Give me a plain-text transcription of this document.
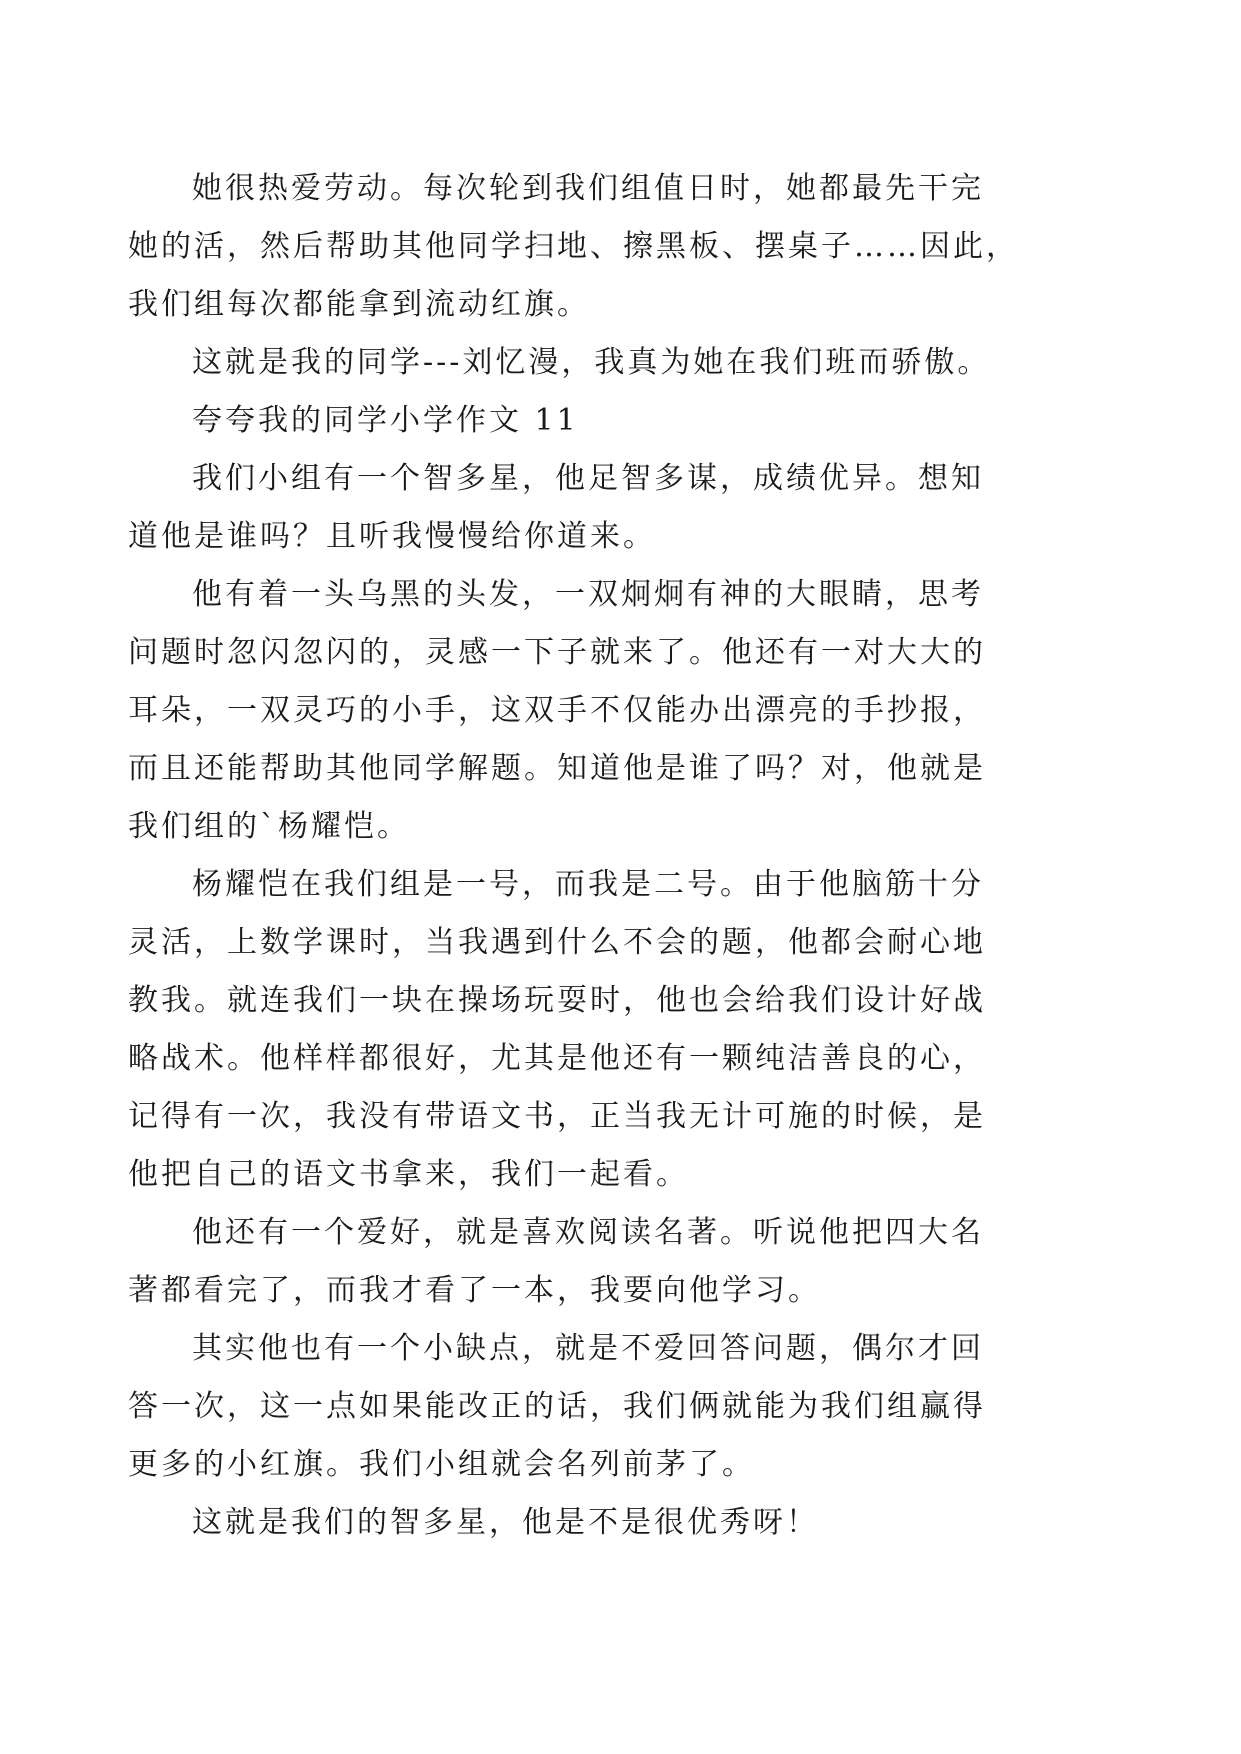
她很热爱劳动。每次轮到我们组值日时，她都最先干完
她的活，然后帮助其他同学扫地、擦黑板、摆桌子……因此，
我们组每次都能拿到流动红旗。
这就是我的同学---刘忆漫，我真为她在我们班而骄傲。
夸夸我的同学小学作文 11
我们小组有一个智多星，他足智多谋，成绩优异。想知
道他是谁吗？且听我慢慢给你道来。
他有着一头乌黑的头发，一双炯炯有神的大眼睛，思考
问题时忽闪忽闪的，灵感一下子就来了。他还有一对大大的
耳朵，一双灵巧的小手，这双手不仅能办出漂亮的手抄报，
而且还能帮助其他同学解题。知道他是谁了吗？对，他就是
我们组的`杨耀恺。
杨耀恺在我们组是一号，而我是二号。由于他脑筋十分
灵活，上数学课时，当我遇到什么不会的题，他都会耐心地
教我。就连我们一块在操场玩耍时，他也会给我们设计好战
略战术。他样样都很好，尤其是他还有一颗纯洁善良的心，
记得有一次，我没有带语文书，正当我无计可施的时候，是
他把自己的语文书拿来，我们一起看。
他还有一个爱好，就是喜欢阅读名著。听说他把四大名
著都看完了，而我才看了一本，我要向他学习。
其实他也有一个小缺点，就是不爱回答问题，偶尔才回
答一次，这一点如果能改正的话，我们俩就能为我们组赢得
更多的小红旗。我们小组就会名列前茅了。
这就是我们的智多星，他是不是很优秀呀！
